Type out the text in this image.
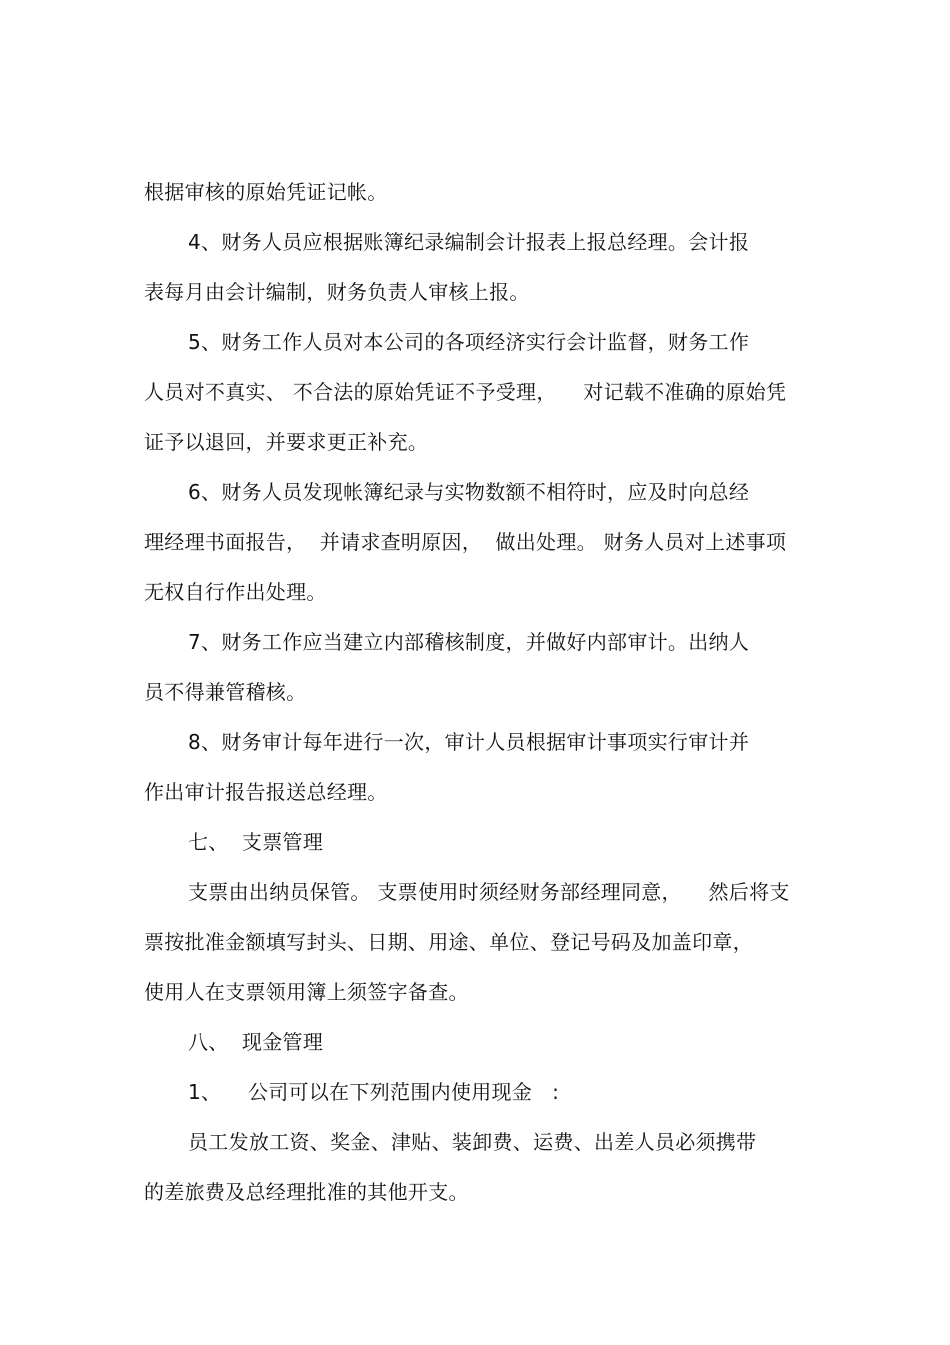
根据审核的原始凭证记帐。
4、财务人员应根据账簿纪录编制会计报表上报总经理。会计报
表每月由会计编制，财务负责人审核上报。
5、财务工作人员对本公司的各项经济实行会计监督，财务工作
人员对不真实、 不合法的原始凭证不予受理，    对记载不准确的原始凭
证予以退回，并要求更正补充。
6、财务人员发现帐簿纪录与实物数额不相符时，应及时向总经
理经理书面报告，  并请求查明原因，  做出处理。 财务人员对上述事项
无权自行作出处理。
7、财务工作应当建立内部稽核制度，并做好内部审计。出纳人
员不得兼管稽核。
8、财务审计每年进行一次，审计人员根据审计事项实行审计并
作出审计报告报送总经理。
七、  支票管理
支票由出纳员保管。 支票使用时须经财务部经理同意，    然后将支
票按批准金额填写封头、日期、用途、单位、登记号码及加盖印章，
使用人在支票领用簿上须签字备查。
八、  现金管理
1、    公司可以在下列范围内使用现金   :
员工发放工资、奖金、津贴、装卸费、运费、出差人员必须携带
的差旅费及总经理批准的其他开支。
